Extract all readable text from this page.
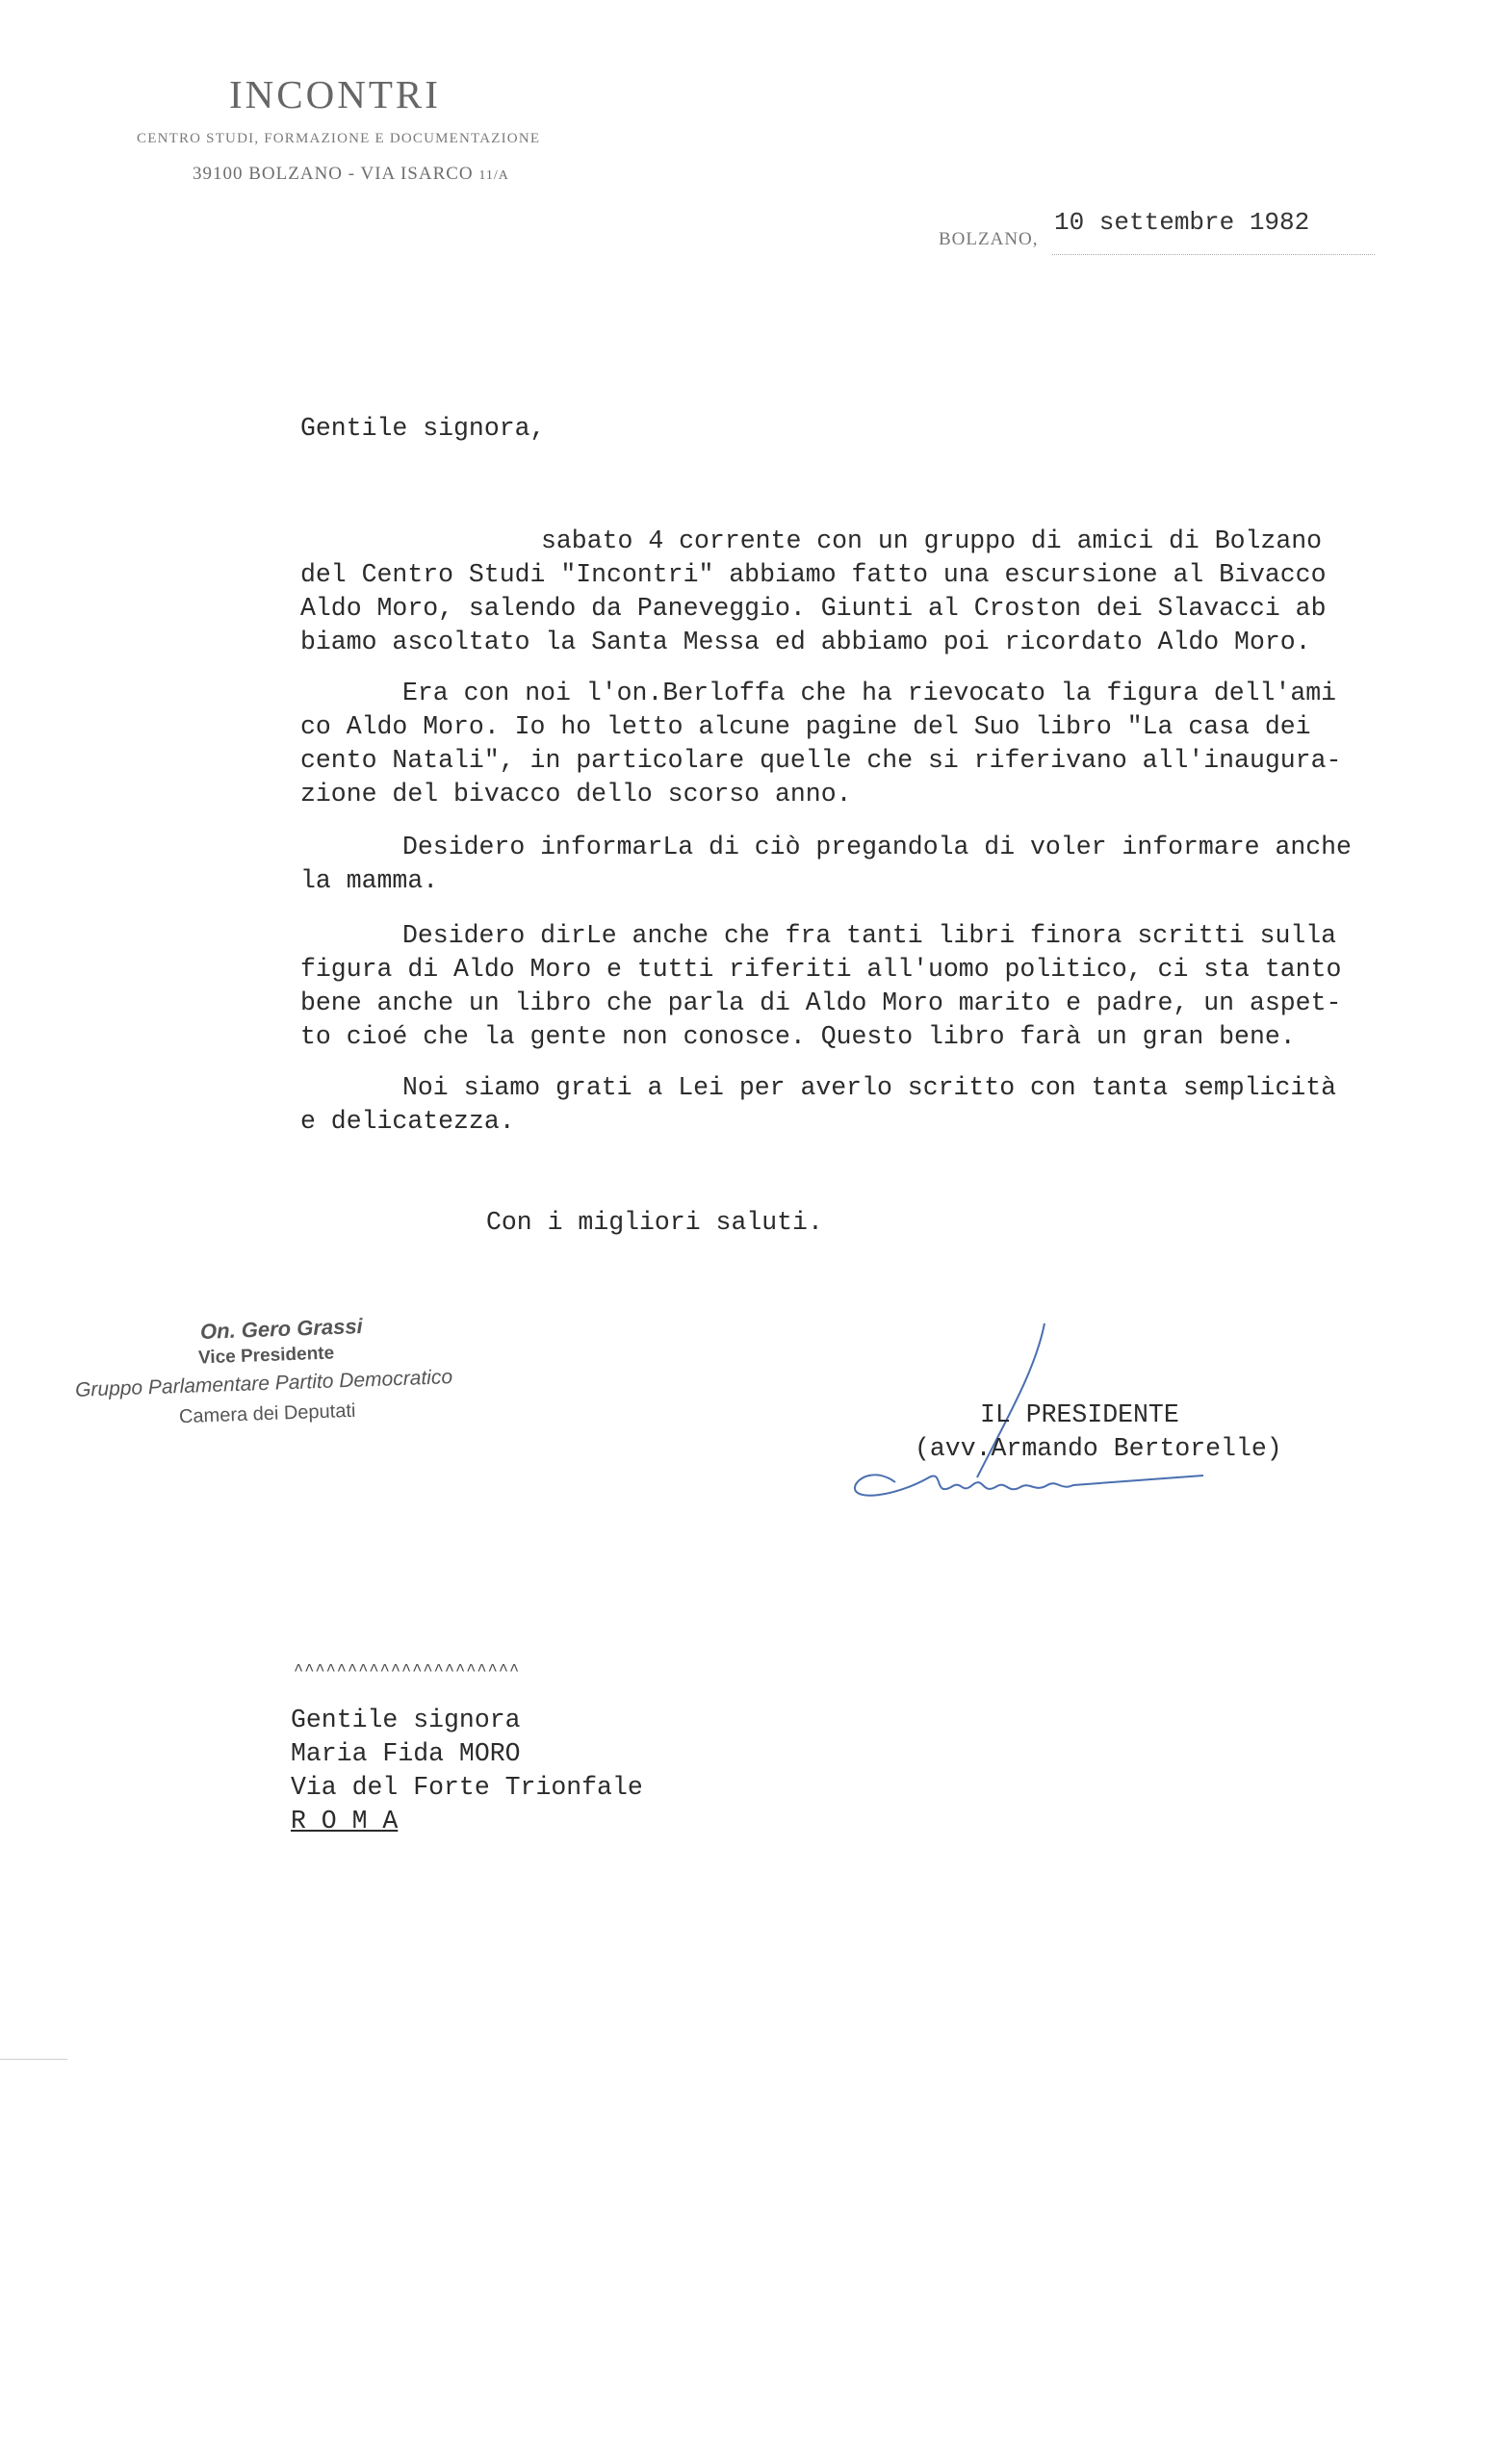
INCONTRI
CENTRO STUDI, FORMAZIONE E DOCUMENTAZIONE
39100 BOLZANO - VIA ISARCO 11/A
BOLZANO,
10 settembre 1982
Gentile signora,
sabato 4 corrente con un gruppo di amici di Bolzano
del Centro Studi "Incontri" abbiamo fatto una escursione al Bivacco
Aldo Moro, salendo da Paneveggio. Giunti al Croston dei Slavacci ab
biamo ascoltato la Santa Messa ed abbiamo poi ricordato Aldo Moro.
Era con noi l'on.Berloffa che ha rievocato la figura dell'ami
co Aldo Moro. Io ho letto alcune pagine del Suo libro "La casa dei
cento Natali", in particolare quelle che si riferivano all'inaugura-
zione del bivacco dello scorso anno.
Desidero informarLa di ciò pregandola di voler informare anche
la mamma.
Desidero dirLe anche che fra tanti libri finora scritti sulla
figura di Aldo Moro e tutti riferiti all'uomo politico, ci sta tanto
bene anche un libro che parla di Aldo Moro marito e padre, un aspet-
to cioé che la gente non conosce. Questo libro farà un gran bene.
Noi siamo grati a Lei per averlo scritto con tanta semplicità
e delicatezza.
Con i migliori saluti.
On. Gero Grassi
Vice Presidente
Gruppo Parlamentare Partito Democratico
Camera dei Deputati	IL PRESIDENTE
(avv.Armando Bertorelle)
^^^^^^^^^^^^^^^^^^^^^
Gentile signora
Maria Fida MORO
Via del Forte Trionfale
R O M A
